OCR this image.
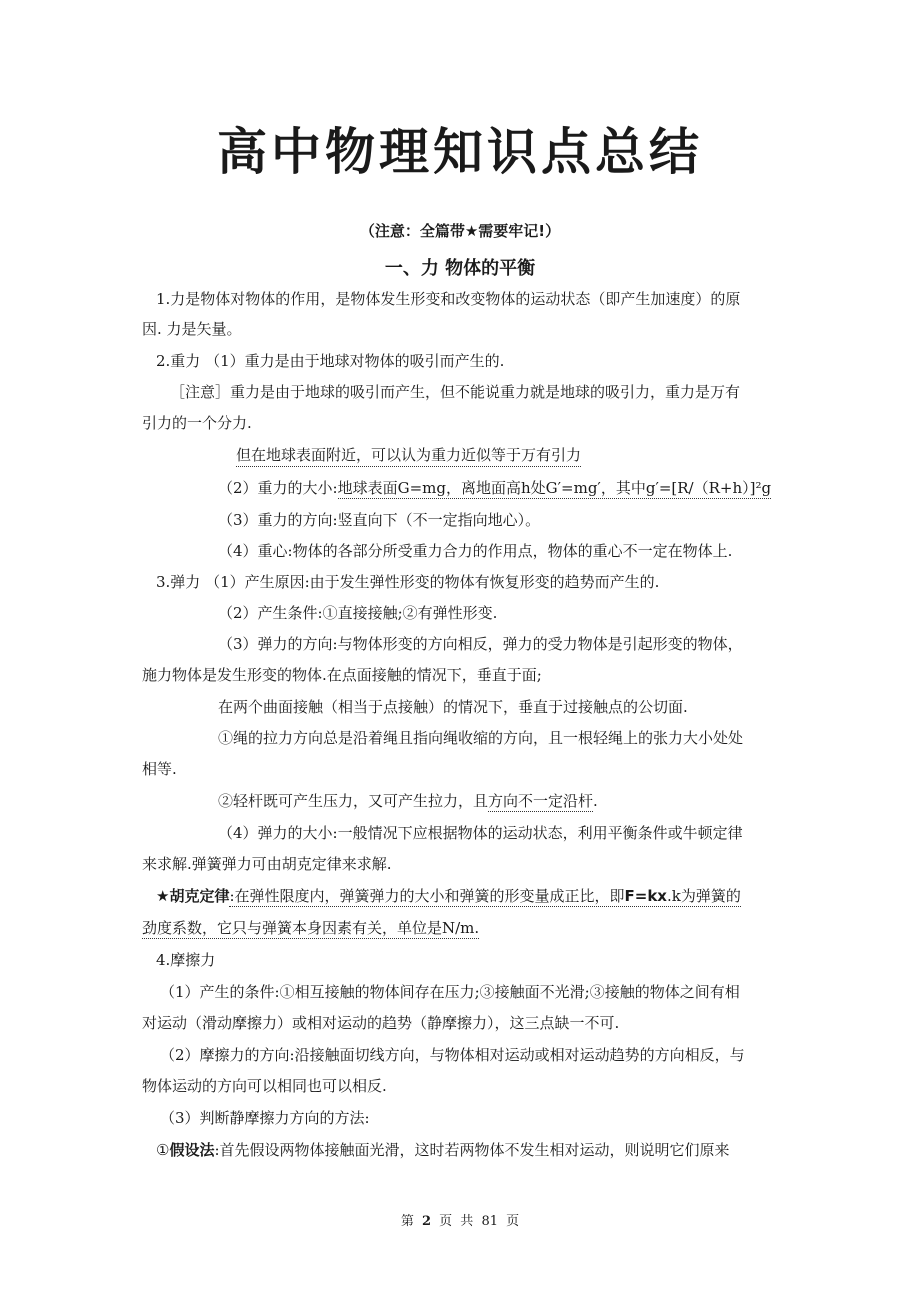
高中物理知识点总结
（注意：全篇带★需要牢记!）
一、力 物体的平衡
1.力是物体对物体的作用，是物体发生形变和改变物体的运动状态（即产生加速度）的原
因. 力是矢量。
2.重力 （1）重力是由于地球对物体的吸引而产生的.
［注意］重力是由于地球的吸引而产生，但不能说重力就是地球的吸引力，重力是万有
引力的一个分力.
但在地球表面附近，可以认为重力近似等于万有引力
（2）重力的大小:地球表面G=mg，离地面高h处G′=mg′，其中g′=[R/（R+h）]²g
（3）重力的方向:竖直向下（不一定指向地心）。
（4）重心:物体的各部分所受重力合力的作用点，物体的重心不一定在物体上.
3.弹力 （1）产生原因:由于发生弹性形变的物体有恢复形变的趋势而产生的.
（2）产生条件:①直接接触;②有弹性形变.
（3）弹力的方向:与物体形变的方向相反，弹力的受力物体是引起形变的物体，
施力物体是发生形变的物体.在点面接触的情况下，垂直于面;
在两个曲面接触（相当于点接触）的情况下，垂直于过接触点的公切面.
①绳的拉力方向总是沿着绳且指向绳收缩的方向，且一根轻绳上的张力大小处处
相等.
②轻杆既可产生压力，又可产生拉力，且方向不一定沿杆.
（4）弹力的大小:一般情况下应根据物体的运动状态，利用平衡条件或牛顿定律
来求解.弹簧弹力可由胡克定律来求解.
★胡克定律:在弹性限度内，弹簧弹力的大小和弹簧的形变量成正比，即F=kx.k为弹簧的
劲度系数，它只与弹簧本身因素有关，单位是N/m.
4.摩擦力
（1）产生的条件:①相互接触的物体间存在压力;③接触面不光滑;③接触的物体之间有相
对运动（滑动摩擦力）或相对运动的趋势（静摩擦力），这三点缺一不可.
（2）摩擦力的方向:沿接触面切线方向，与物体相对运动或相对运动趋势的方向相反，与
物体运动的方向可以相同也可以相反.
（3）判断静摩擦力方向的方法:
①假设法:首先假设两物体接触面光滑，这时若两物体不发生相对运动，则说明它们原来
第 2 页 共 81 页
